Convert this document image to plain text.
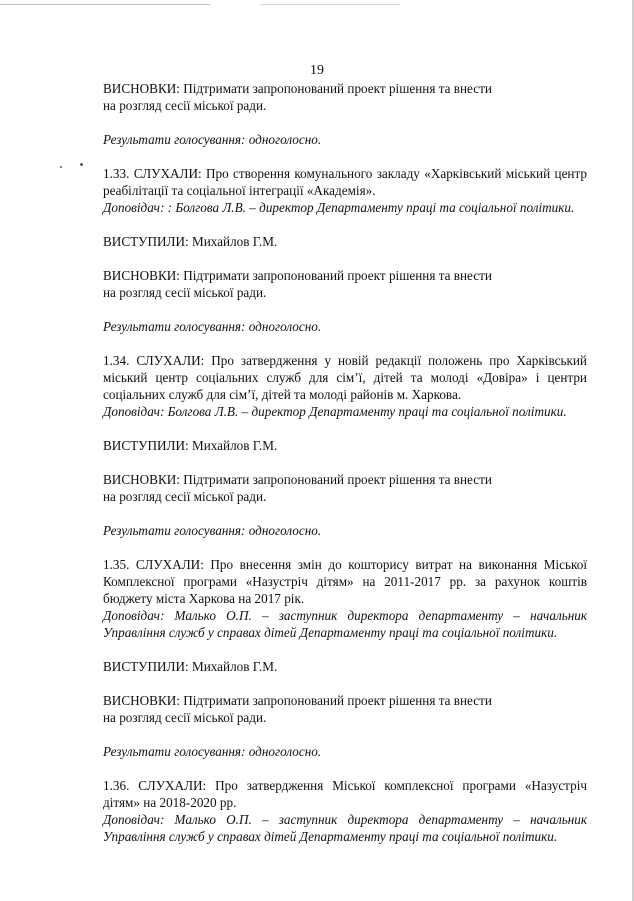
19

ВИСНОВКИ: Підтримати запропонований проект рішення та внести
на розгляд сесії міської ради.

Результати голосування: одноголосно.

1.33. СЛУХАЛИ: Про створення комунального закладу «Харківський міський центр реабілітації та соціальної інтеграції «Академія».

Доповідач: : Болгова Л.В. – директор Департаменту праці та соціальної політики.

ВИСТУПИЛИ: Михайлов Г.М.

ВИСНОВКИ: Підтримати запропонований проект рішення та внести
на розгляд сесії міської ради.

Результати голосування: одноголосно.

1.34. СЛУХАЛИ: Про затвердження у новій редакції положень про Харківський міський центр соціальних служб для сім’ї, дітей та молоді «Довіра» і центри соціальних служб для сім’ї, дітей та молоді районів м. Харкова.

Доповідач: Болгова Л.В. – директор Департаменту праці та соціальної політики.

ВИСТУПИЛИ: Михайлов Г.М.

ВИСНОВКИ: Підтримати запропонований проект рішення та внести
на розгляд сесії міської ради.

Результати голосування: одноголосно.

1.35. СЛУХАЛИ: Про внесення змін до кошторису витрат на виконання Міської Комплексної програми «Назустріч дітям» на 2011-2017 рр. за рахунок коштів бюджету міста Харкова на 2017 рік.

Доповідач: Малько О.П. – заступник директора департаменту – начальник Управління служб у справах дітей Департаменту праці та соціальної політики.

ВИСТУПИЛИ: Михайлов Г.М.

ВИСНОВКИ: Підтримати запропонований проект рішення та внести
на розгляд сесії міської ради.

Результати голосування: одноголосно.

1.36. СЛУХАЛИ: Про затвердження Міської комплексної програми «Назустріч дітям» на 2018-2020 рр.

Доповідач: Малько О.П. – заступник директора департаменту – начальник Управління служб у справах дітей Департаменту праці та соціальної політики.
